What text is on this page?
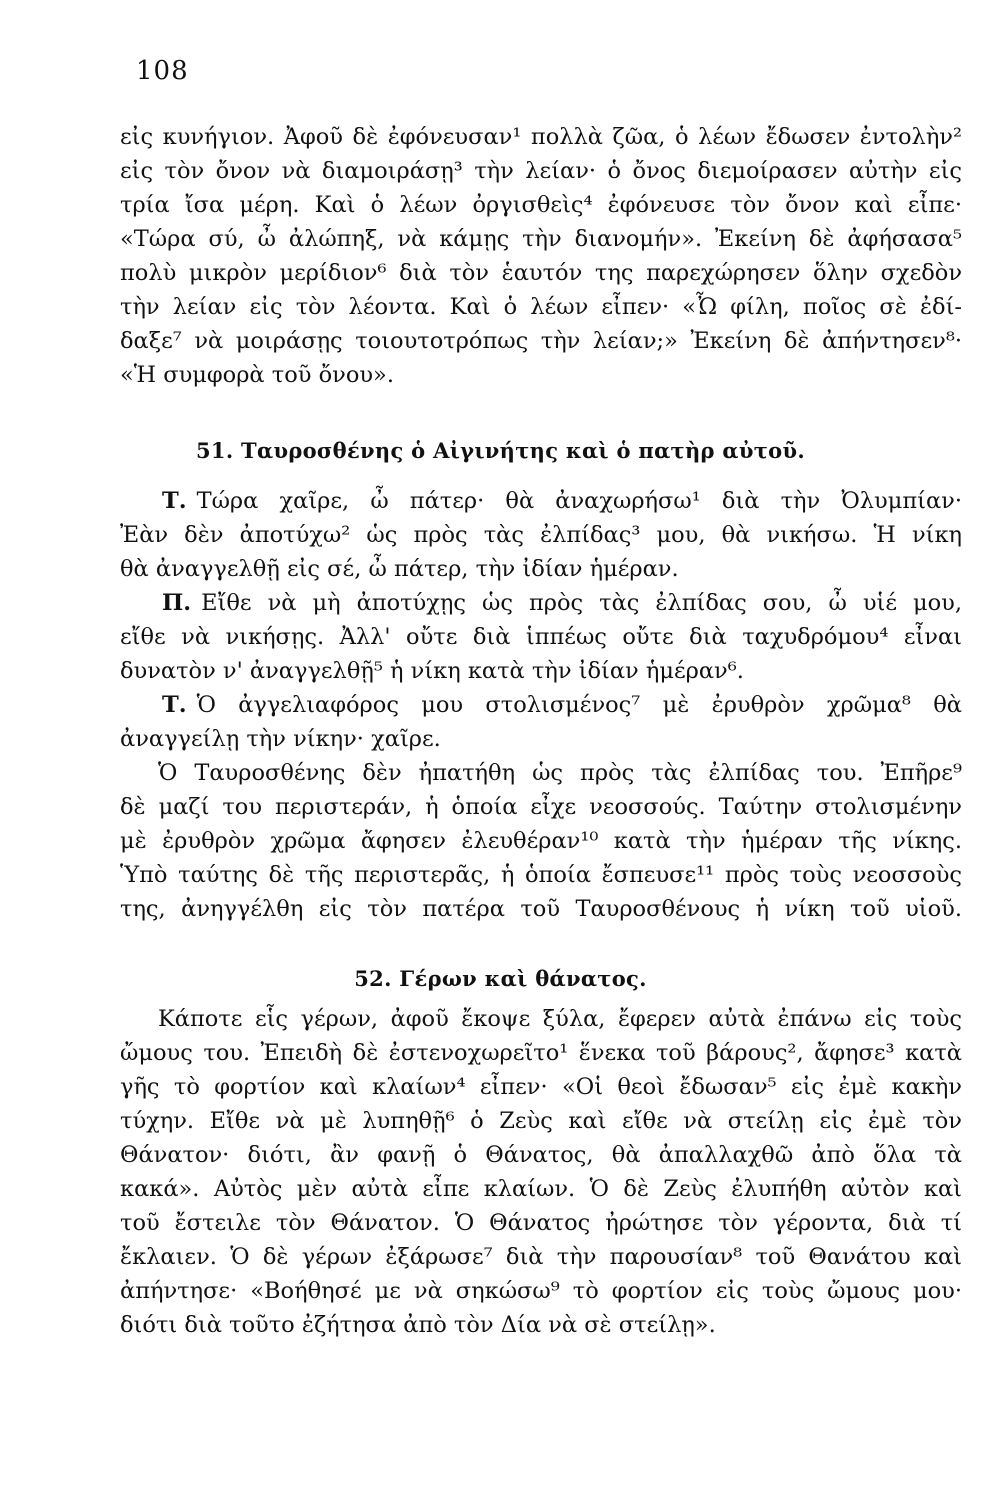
108
εἰς κυνήγιον. Ἀφοῦ δὲ ἐφόνευσαν¹ πολλὰ ζῶα, ὁ λέων ἔδωσεν ἐντολὴν²
εἰς τὸν ὄνον νὰ διαμοιράσῃ³ τὴν λείαν· ὁ ὄνος διεμοίρασεν αὐτὴν εἰς
τρία ἴσα μέρη. Καὶ ὁ λέων ὀργισθεὶς⁴ ἐφόνευσε τὸν ὄνον καὶ εἶπε·
«Τώρα σύ, ὦ ἀλώπηξ, νὰ κάμῃς τὴν διανομήν». Ἐκείνη δὲ ἀφήσασα⁵
πολὺ μικρὸν μερίδιον⁶ διὰ τὸν ἑαυτόν της παρεχώρησεν ὅλην σχεδὸν
τὴν λείαν εἰς τὸν λέοντα. Καὶ ὁ λέων εἶπεν· «Ὦ φίλη, ποῖος σὲ ἐδί-
δαξε⁷ νὰ μοιράσῃς τοιουτοτρόπως τὴν λείαν;» Ἐκείνη δὲ ἀπήντησεν⁸·
«Ἡ συμφορὰ τοῦ ὄνου».
51. Ταυροσθένης ὁ Αἰγινήτης καὶ ὁ πατὴρ αὐτοῦ.
Τ. Τώρα χαῖρε, ὦ πάτερ· θὰ ἀναχωρήσω¹ διὰ τὴν Ὀλυμπίαν·
Ἐὰν δὲν ἀποτύχω² ὡς πρὸς τὰς ἐλπίδας³ μου, θὰ νικήσω. Ἡ νίκη
θὰ ἀναγγελθῇ εἰς σέ, ὦ πάτερ, τὴν ἰδίαν ἡμέραν.
Π. Εἴθε νὰ μὴ ἀποτύχῃς ὡς πρὸς τὰς ἐλπίδας σου, ὦ υἱέ μου,
εἴθε νὰ νικήσῃς. Ἀλλ' οὔτε διὰ ἱππέως οὔτε διὰ ταχυδρόμου⁴ εἶναι
δυνατὸν ν' ἀναγγελθῇ⁵ ἡ νίκη κατὰ τὴν ἰδίαν ἡμέραν⁶.
Τ. Ὁ ἀγγελιαφόρος μου στολισμένος⁷ μὲ ἐρυθρὸν χρῶμα⁸ θὰ
ἀναγγείλῃ τὴν νίκην· χαῖρε.
Ὁ Ταυροσθένης δὲν ἠπατήθη ὡς πρὸς τὰς ἐλπίδας του. Ἐπῆρε⁹
δὲ μαζί του περιστεράν, ἡ ὁποία εἶχε νεοσσούς. Ταύτην στολισμένην
μὲ ἐρυθρὸν χρῶμα ἄφησεν ἐλευθέραν¹⁰ κατὰ τὴν ἡμέραν τῆς νίκης.
Ὑπὸ ταύτης δὲ τῆς περιστερᾶς, ἡ ὁποία ἔσπευσε¹¹ πρὸς τοὺς νεοσσοὺς
της, ἀνηγγέλθη εἰς τὸν πατέρα τοῦ Ταυροσθένους ἡ νίκη τοῦ υἱοῦ.
52. Γέρων καὶ θάνατος.
Κάποτε εἷς γέρων, ἀφοῦ ἔκοψε ξύλα, ἔφερεν αὐτὰ ἐπάνω εἰς τοὺς
ὤμους του. Ἐπειδὴ δὲ ἐστενοχωρεῖτο¹ ἕνεκα τοῦ βάρους², ἄφησε³ κατὰ
γῆς τὸ φορτίον καὶ κλαίων⁴ εἶπεν· «Οἱ θεοὶ ἔδωσαν⁵ εἰς ἐμὲ κακὴν
τύχην. Εἴθε νὰ μὲ λυπηθῇ⁶ ὁ Ζεὺς καὶ εἴθε νὰ στείλῃ εἰς ἐμὲ τὸν
Θάνατον· διότι, ἂν φανῇ ὁ Θάνατος, θὰ ἀπαλλαχθῶ ἀπὸ ὅλα τὰ
κακά». Αὐτὸς μὲν αὐτὰ εἶπε κλαίων. Ὁ δὲ Ζεὺς ἐλυπήθη αὐτὸν καὶ
τοῦ ἔστειλε τὸν Θάνατον. Ὁ Θάνατος ἠρώτησε τὸν γέροντα, διὰ τί
ἔκλαιεν. Ὁ δὲ γέρων ἐξάρωσε⁷ διὰ τὴν παρουσίαν⁸ τοῦ Θανάτου καὶ
ἀπήντησε· «Βοήθησέ με νὰ σηκώσω⁹ τὸ φορτίον εἰς τοὺς ὤμους μου·
διότι διὰ τοῦτο ἐζήτησα ἀπὸ τὸν Δία νὰ σὲ στείλῃ».
